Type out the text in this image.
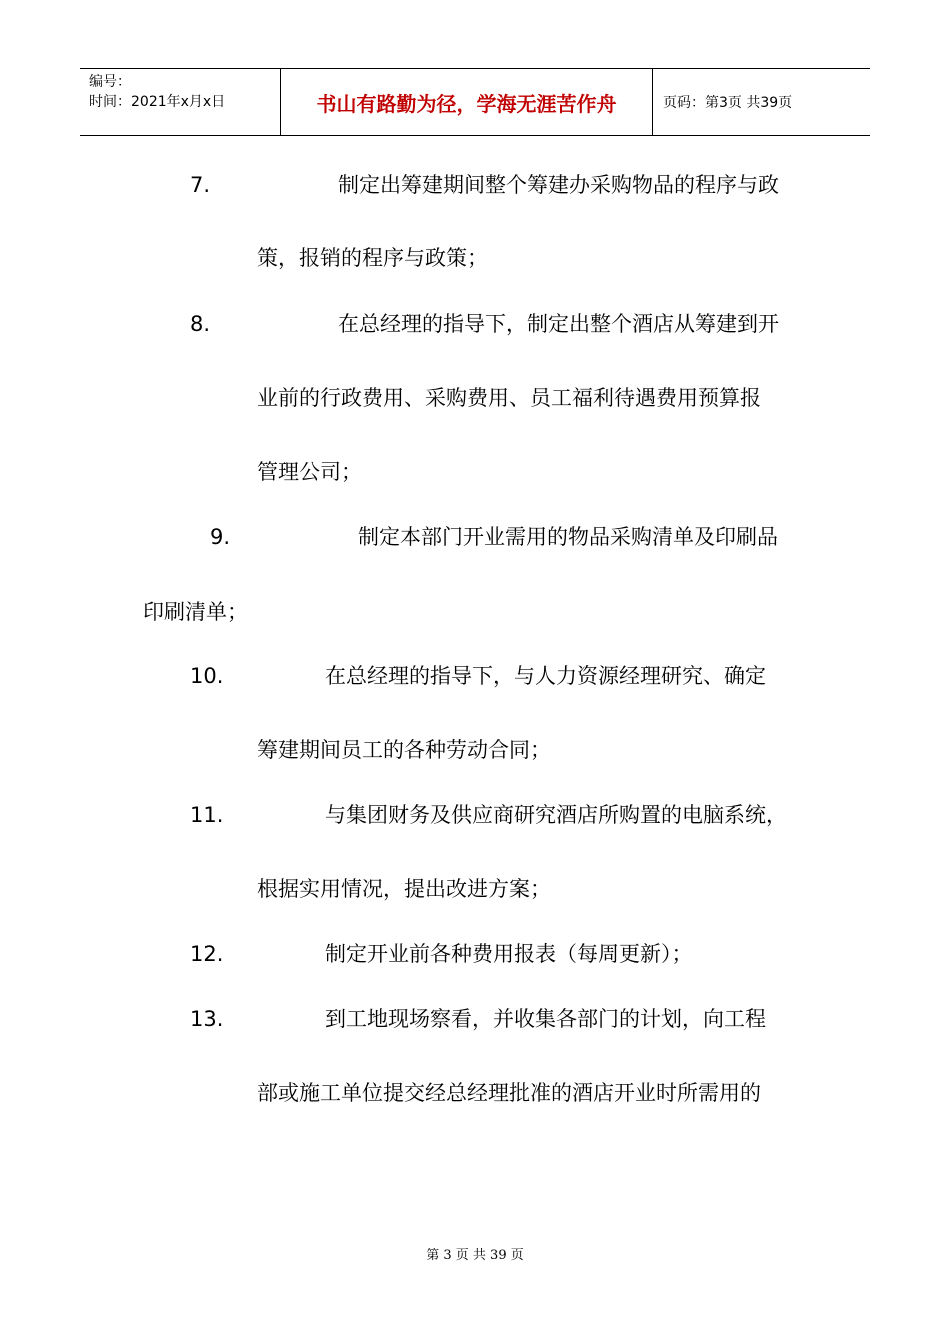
编号：
时间：2021年x月x日	书山有路勤为径，学海无涯苦作舟	页码：第3页 共39页
7.	制定出筹建期间整个筹建办采购物品的程序与政
策，报销的程序与政策；
8.	在总经理的指导下，制定出整个酒店从筹建到开
业前的行政费用、采购费用、员工福利待遇费用预算报
管理公司；
9.	制定本部门开业需用的物品采购清单及印刷品
印刷清单；
10.	在总经理的指导下，与人力资源经理研究、确定
筹建期间员工的各种劳动合同；
11.	与集团财务及供应商研究酒店所购置的电脑系统，
根据实用情况，提出改进方案；
12.	制定开业前各种费用报表（每周更新）；
13.	到工地现场察看，并收集各部门的计划，向工程
部或施工单位提交经总经理批准的酒店开业时所需用的
第 3 页 共 39 页
